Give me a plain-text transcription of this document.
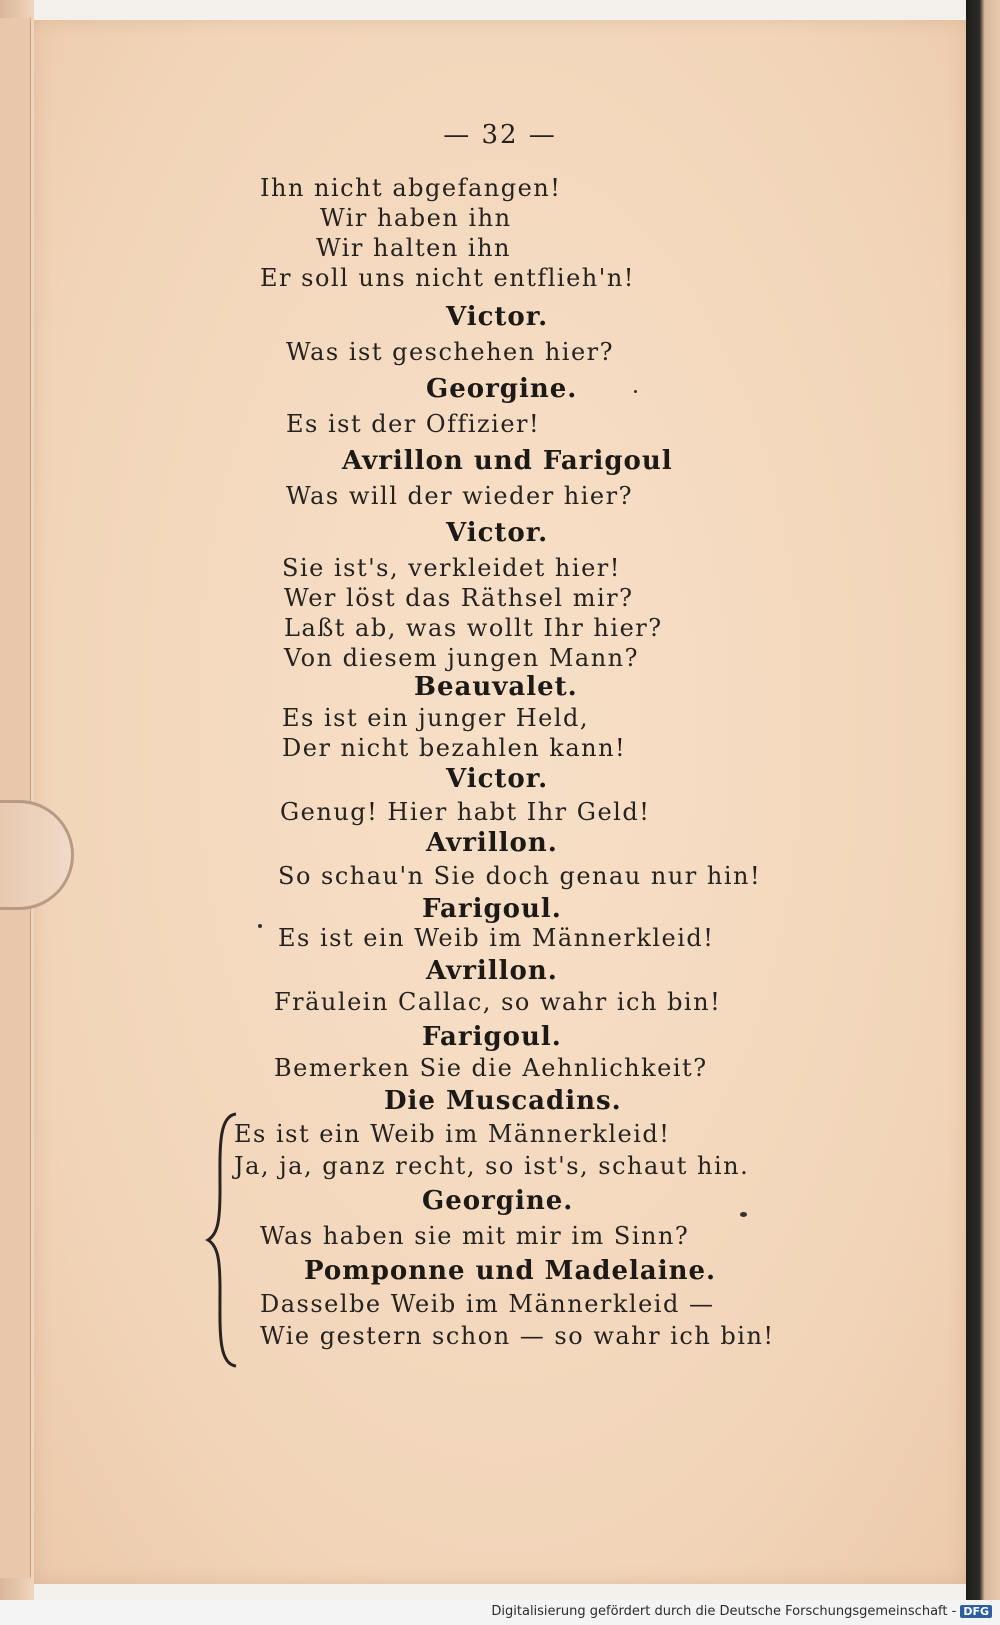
— 32 —
Ihn nicht abgefangen!
Wir haben ihn
Wir halten ihn
Er soll uns nicht entflieh'n!
Victor.
Was ist geschehen hier?
Georgine.
Es ist der Offizier!
Avrillon und Farigoul
Was will der wieder hier?
Victor.
Sie ist's, verkleidet hier!
Wer löst das Räthsel mir?
Laßt ab, was wollt Ihr hier?
Von diesem jungen Mann?
Beauvalet.
Es ist ein junger Held,
Der nicht bezahlen kann!
Victor.
Genug! Hier habt Ihr Geld!
Avrillon.
So schau'n Sie doch genau nur hin!
Farigoul.
Es ist ein Weib im Männerkleid!
Avrillon.
Fräulein Callac, so wahr ich bin!
Farigoul.
Bemerken Sie die Aehnlichkeit?
Die Muscadins.
Es ist ein Weib im Männerkleid!
Ja, ja, ganz recht, so ist's, schaut hin.
Georgine.
Was haben sie mit mir im Sinn?
Pomponne und Madelaine.
Dasselbe Weib im Männerkleid —
Wie gestern schon — so wahr ich bin!
Digitalisierung gefördert durch die Deutsche Forschungsgemeinschaft - DFG
